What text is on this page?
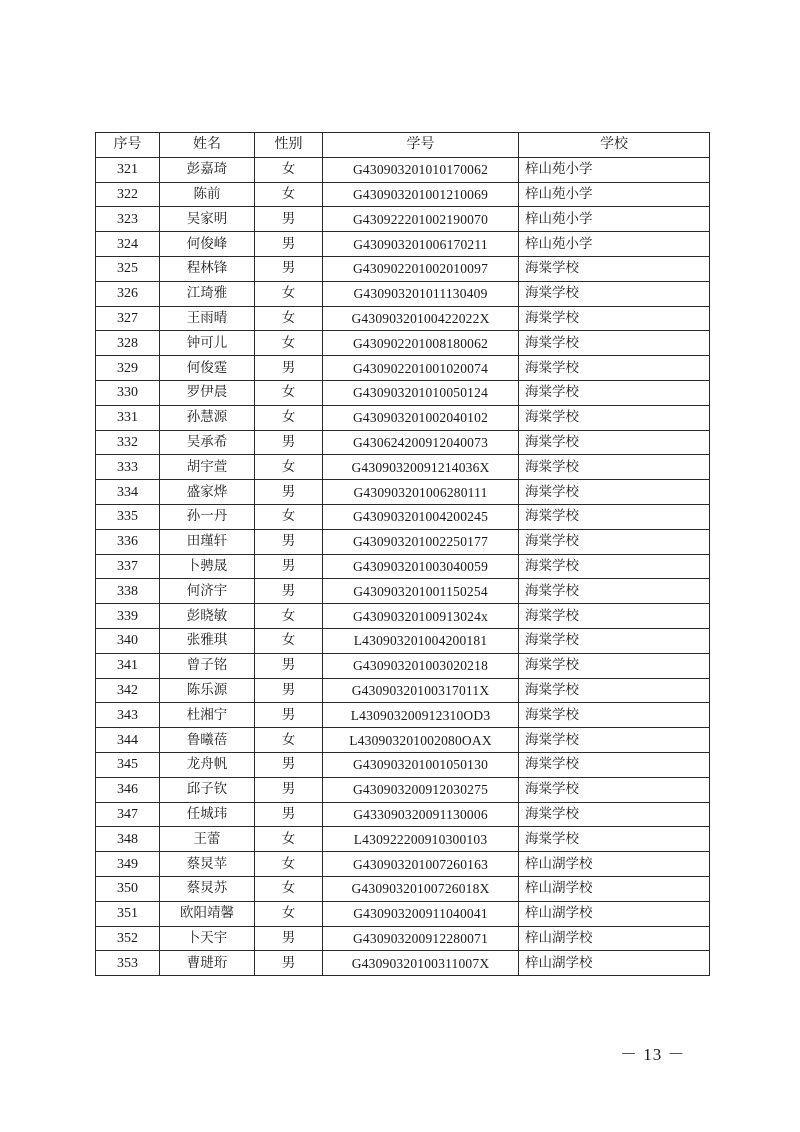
序号	姓名	性别	学号	学校
321	彭嘉琦	女	G430903201010170062	梓山苑小学
322	陈前	女	G430903201001210069	梓山苑小学
323	吴家明	男	G430922201002190070	梓山苑小学
324	何俊峰	男	G430903201006170211	梓山苑小学
325	程林锋	男	G430902201002010097	海棠学校
326	江琦雅	女	G430903201011130409	海棠学校
327	王雨晴	女	G43090320100422022X	海棠学校
328	钟可儿	女	G430902201008180062	海棠学校
329	何俊霆	男	G430902201001020074	海棠学校
330	罗伊晨	女	G430903201010050124	海棠学校
331	孙慧源	女	G430903201002040102	海棠学校
332	吴承希	男	G430624200912040073	海棠学校
333	胡宇萱	女	G43090320091214036X	海棠学校
334	盛家烨	男	G430903201006280111	海棠学校
335	孙一丹	女	G430903201004200245	海棠学校
336	田瑾轩	男	G430903201002250177	海棠学校
337	卜骋晟	男	G430903201003040059	海棠学校
338	何济宇	男	G430903201001150254	海棠学校
339	彭晓敏	女	G43090320100913024x	海棠学校
340	张雅琪	女	L430903201004200181	海棠学校
341	曾子铭	男	G430903201003020218	海棠学校
342	陈乐源	男	G43090320100317011X	海棠学校
343	杜湘宁	男	L430903200912310OD3	海棠学校
344	鲁曦蓓	女	L430903201002080OAX	海棠学校
345	龙舟帆	男	G430903201001050130	海棠学校
346	邱子钦	男	G430903200912030275	海棠学校
347	任城玮	男	G433090320091130006	海棠学校
348	王蕾	女	L430922200910300103	海棠学校
349	蔡炅苹	女	G430903201007260163	梓山湖学校
350	蔡炅苏	女	G43090320100726018X	梓山湖学校
351	欧阳靖馨	女	G430903200911040041	梓山湖学校
352	卜天宇	男	G430903200912280071	梓山湖学校
353	曹琎珩	男	G43090320100311007X	梓山湖学校
－ 13 －
